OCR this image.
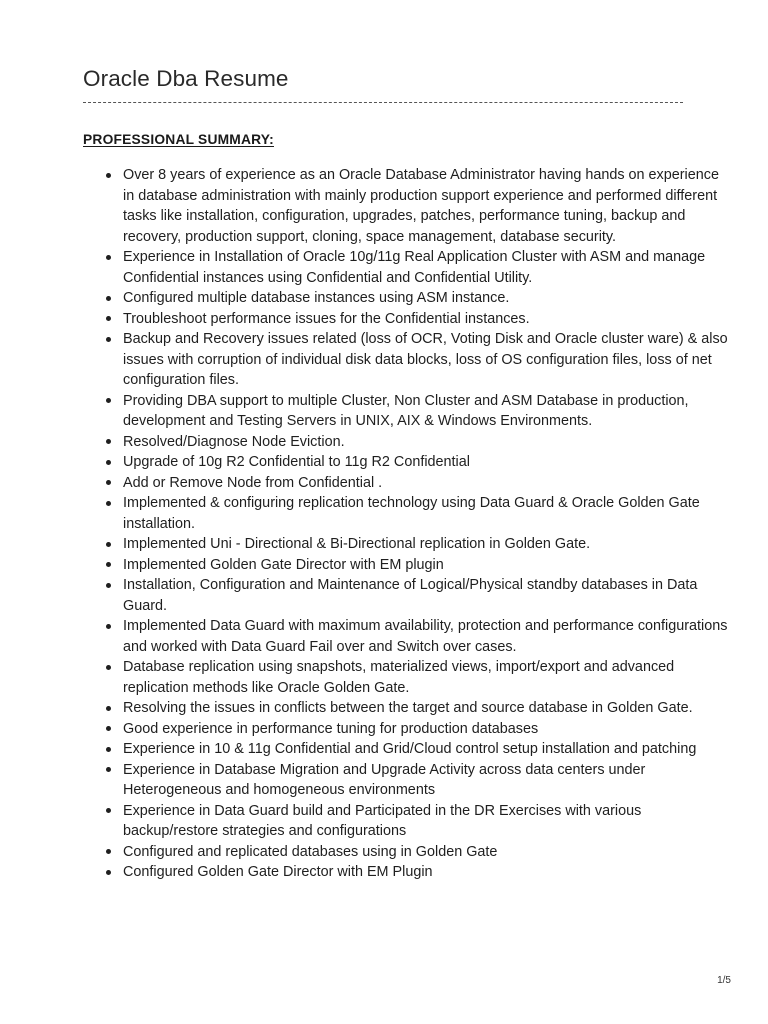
Oracle Dba Resume
PROFESSIONAL SUMMARY:
Over 8 years of experience as an Oracle Database Administrator having hands on experience in database administration with mainly production support experience and performed different tasks like installation, configuration, upgrades, patches, performance tuning, backup and recovery, production support, cloning, space management, database security.
Experience in Installation of Oracle 10g/11g Real Application Cluster with ASM and manage Confidential instances using Confidential and Confidential Utility.
Configured multiple database instances using ASM instance.
Troubleshoot performance issues for the Confidential instances.
Backup and Recovery issues related (loss of OCR, Voting Disk and Oracle cluster ware) & also issues with corruption of individual disk data blocks, loss of OS configuration files, loss of net configuration files.
Providing DBA support to multiple Cluster, Non Cluster and ASM Database in production, development and Testing Servers in UNIX, AIX & Windows Environments.
Resolved/Diagnose Node Eviction.
Upgrade of 10g R2 Confidential to 11g R2 Confidential
Add or Remove Node from Confidential .
Implemented & configuring replication technology using Data Guard & Oracle Golden Gate installation.
Implemented Uni - Directional & Bi-Directional replication in Golden Gate.
Implemented Golden Gate Director with EM plugin
Installation, Configuration and Maintenance of Logical/Physical standby databases in Data Guard.
Implemented Data Guard with maximum availability, protection and performance configurations and worked with Data Guard Fail over and Switch over cases.
Database replication using snapshots, materialized views, import/export and advanced replication methods like Oracle Golden Gate.
Resolving the issues in conflicts between the target and source database in Golden Gate.
Good experience in performance tuning for production databases
Experience in 10 & 11g Confidential and Grid/Cloud control setup installation and patching
Experience in Database Migration and Upgrade Activity across data centers under Heterogeneous and homogeneous environments
Experience in Data Guard build and Participated in the DR Exercises with various backup/restore strategies and configurations
Configured and replicated databases using in Golden Gate
Configured Golden Gate Director with EM Plugin
1/5
